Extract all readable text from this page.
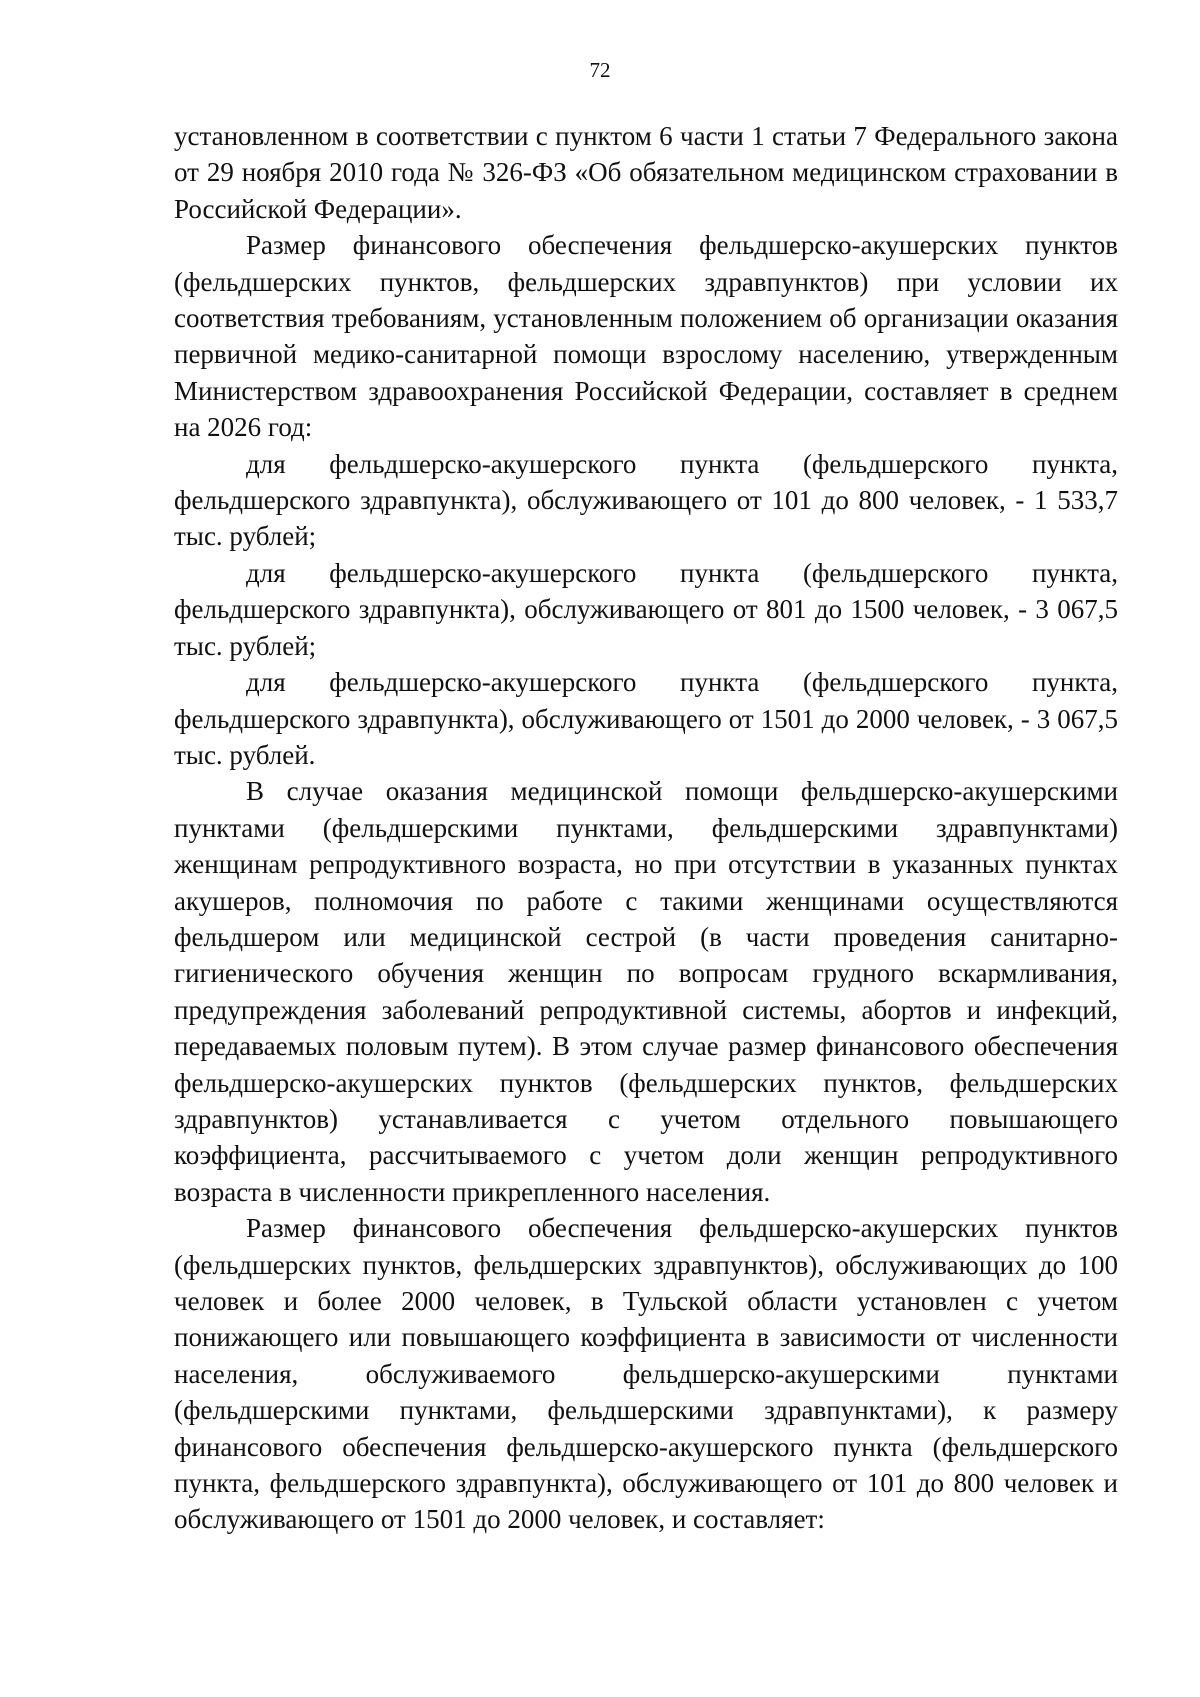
72

установленном в соответствии с пунктом 6 части 1 статьи 7 Федерального закона от 29 ноября 2010 года № 326-ФЗ «Об обязательном медицинском страховании в Российской Федерации».

Размер финансового обеспечения фельдшерско-акушерских пунктов (фельдшерских пунктов, фельдшерских здравпунктов) при условии их соответствия требованиям, установленным положением об организации оказания первичной медико-санитарной помощи взрослому населению, утвержденным Министерством здравоохранения Российской Федерации, составляет в среднем на 2026 год:

для фельдшерско-акушерского пункта (фельдшерского пункта, фельдшерского здравпункта), обслуживающего от 101 до 800 человек, - 1 533,7 тыс. рублей;

для фельдшерско-акушерского пункта (фельдшерского пункта, фельдшерского здравпункта), обслуживающего от 801 до 1500 человек, - 3 067,5 тыс. рублей;

для фельдшерско-акушерского пункта (фельдшерского пункта, фельдшерского здравпункта), обслуживающего от 1501 до 2000 человек, - 3 067,5 тыс. рублей.

В случае оказания медицинской помощи фельдшерско-акушерскими пунктами (фельдшерскими пунктами, фельдшерскими здравпунктами) женщинам репродуктивного возраста, но при отсутствии в указанных пунктах акушеров, полномочия по работе с такими женщинами осуществляются фельдшером или медицинской сестрой (в части проведения санитарно-гигиенического обучения женщин по вопросам грудного вскармливания, предупреждения заболеваний репродуктивной системы, абортов и инфекций, передаваемых половым путем). В этом случае размер финансового обеспечения фельдшерско-акушерских пунктов (фельдшерских пунктов, фельдшерских здравпунктов) устанавливается с учетом отдельного повышающего коэффициента, рассчитываемого с учетом доли женщин репродуктивного возраста в численности прикрепленного населения.

Размер финансового обеспечения фельдшерско-акушерских пунктов (фельдшерских пунктов, фельдшерских здравпунктов), обслуживающих до 100 человек и более 2000 человек, в Тульской области установлен с учетом понижающего или повышающего коэффициента в зависимости от численности населения, обслуживаемого фельдшерско-акушерскими пунктами (фельдшерскими пунктами, фельдшерскими здравпунктами), к размеру финансового обеспечения фельдшерско-акушерского пункта (фельдшерского пункта, фельдшерского здравпункта), обслуживающего от 101 до 800 человек и обслуживающего от 1501 до 2000 человек, и составляет:
